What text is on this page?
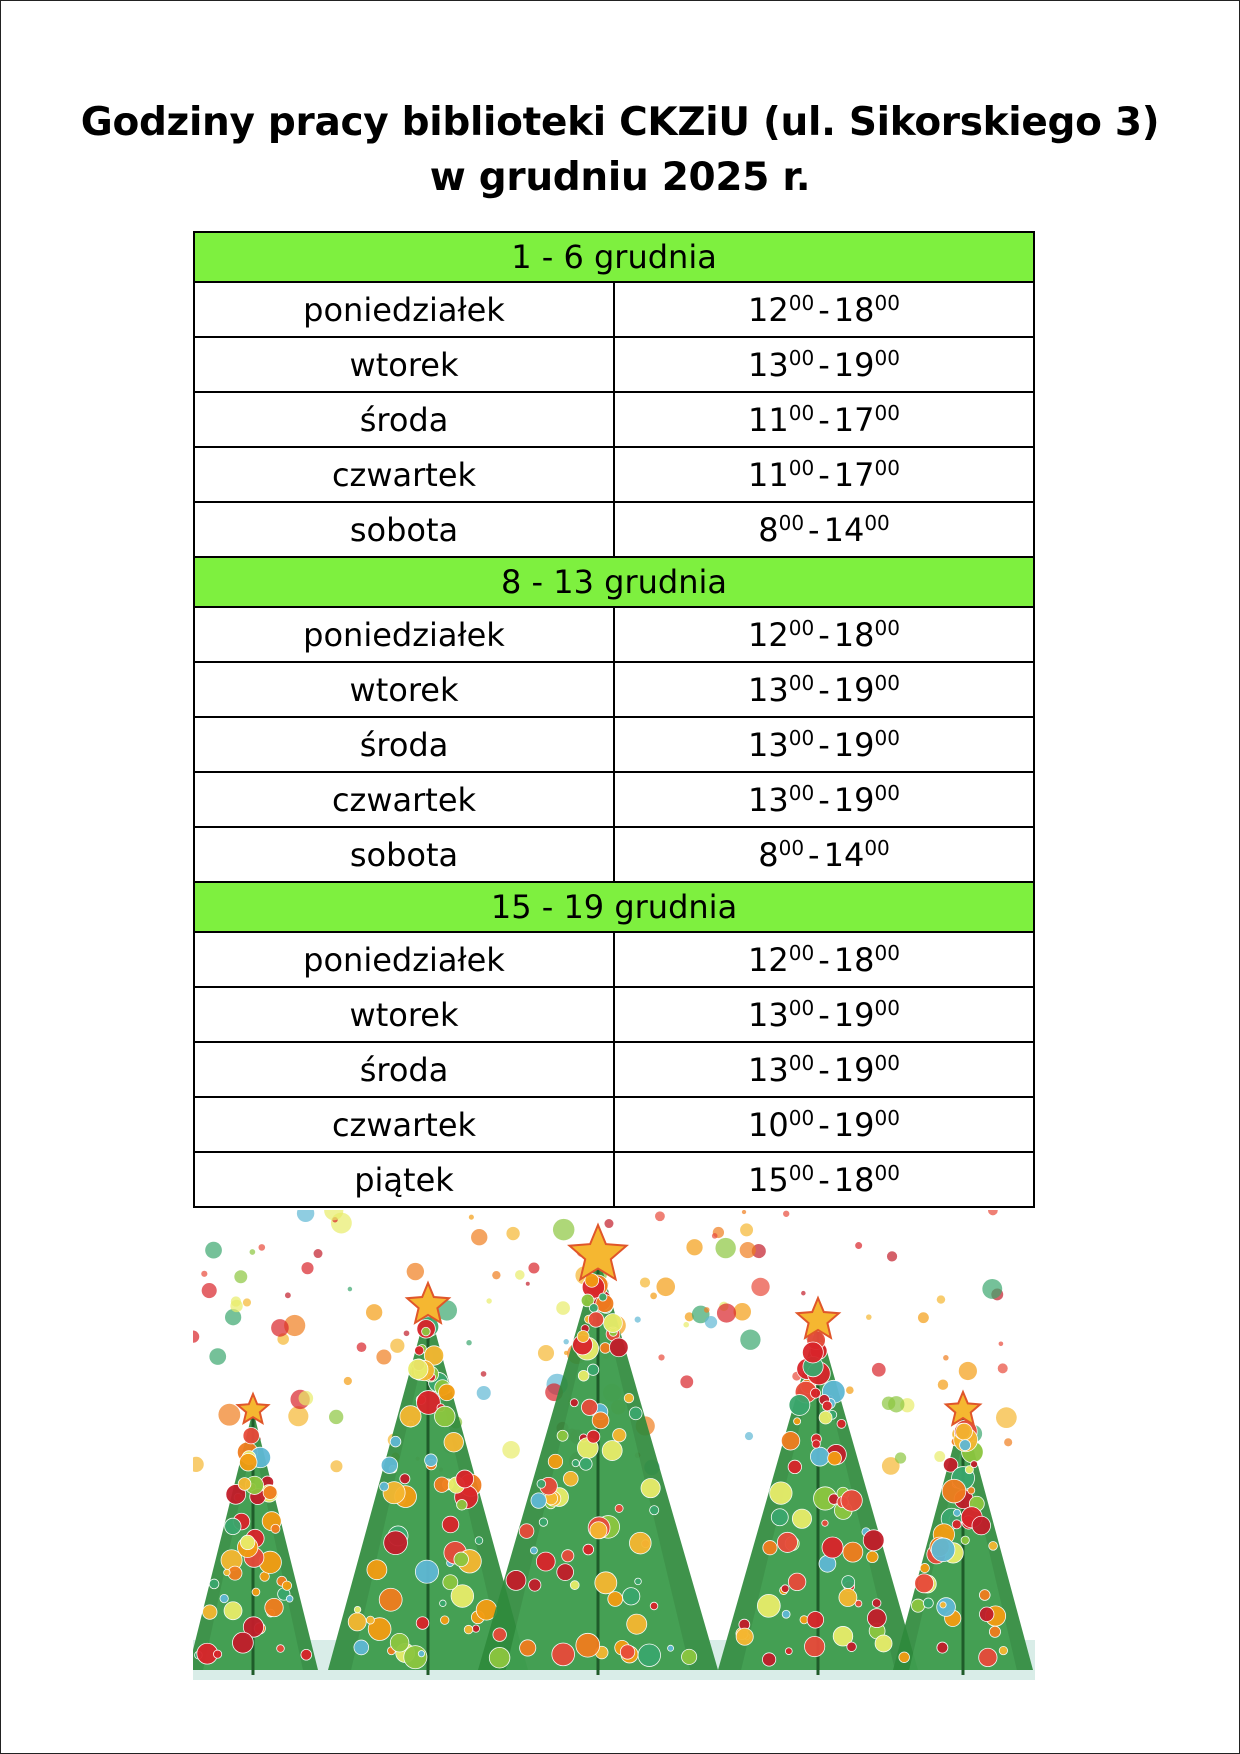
Godziny pracy biblioteki CKZiU (ul. Sikorskiego 3)
w grudniu 2025 r.
1 - 6 grudnia	
poniedziałek	$12^{00} - 18^{00}$
wtorek	$13^{00} - 19^{00}$
środa	$11^{00} - 17^{00}$
czwartek	$11^{00} - 17^{00}$
sobota	$8^{00} - 14^{00}$
8 - 13 grudnia	
poniedziałek	$12^{00} - 18^{00}$
wtorek	$13^{00} - 19^{00}$
środa	$13^{00} - 19^{00}$
czwartek	$13^{00} - 19^{00}$
sobota	$8^{00} - 14^{00}$
15 - 19 grudnia	
poniedziałek	$12^{00} - 18^{00}$
wtorek	$13^{00} - 19^{00}$
środa	$13^{00} - 19^{00}$
czwartek	$10^{00} - 19^{00}$
piątek	$15^{00} - 18^{00}$
